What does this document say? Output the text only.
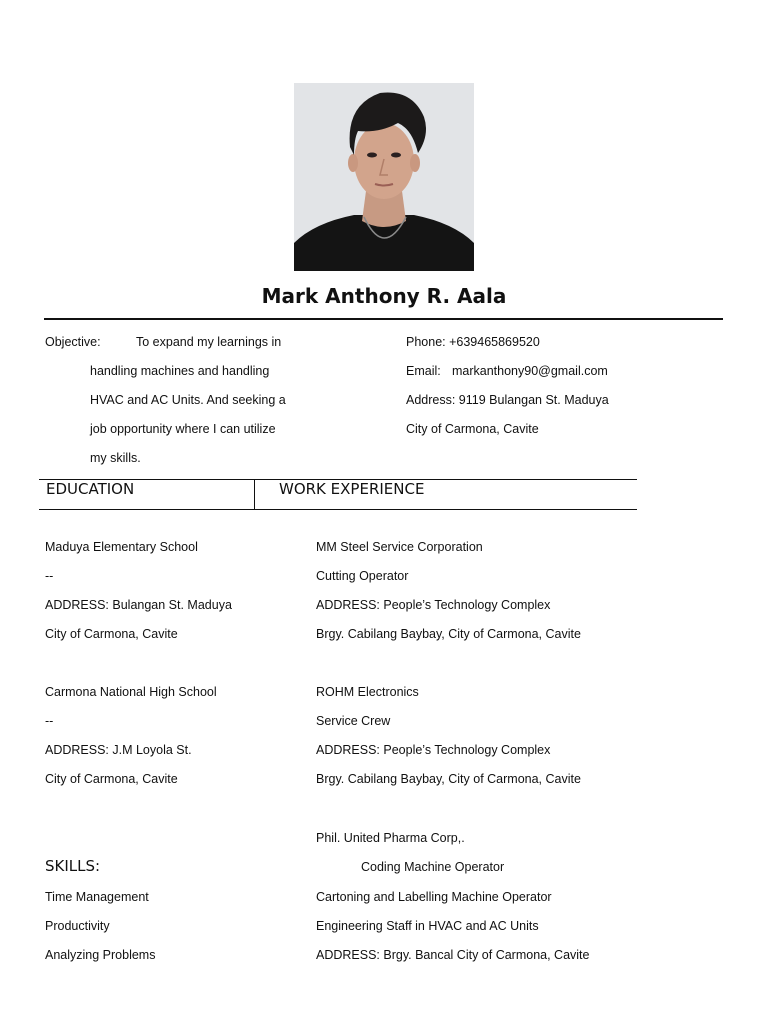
Mark Anthony R. Aala
Objective:	To expand my learnings in
handling machines and handling
HVAC and AC Units. And seeking a
job opportunity where I can utilize
my skills.
Phone: +639465869520
Email: markanthony90@gmail.com
Address: 9119 Bulangan St. Maduya
City of Carmona, Cavite
EDUCATION	WORK EXPERIENCE
Maduya Elementary School
--
ADDRESS: Bulangan St. Maduya
City of Carmona, Cavite
Carmona National High School
--
ADDRESS: J.M Loyola St.
City of Carmona, Cavite
MM Steel Service Corporation
Cutting Operator
ADDRESS: People’s Technology Complex
Brgy. Cabilang Baybay, City of Carmona, Cavite
ROHM Electronics
Service Crew
ADDRESS: People’s Technology Complex
Brgy. Cabilang Baybay, City of Carmona, Cavite
Phil. United Pharma Corp,.
Coding Machine Operator
Cartoning and Labelling Machine Operator
Engineering Staff in HVAC and AC Units
ADDRESS: Brgy. Bancal City of Carmona, Cavite
SKILLS:
Time Management
Productivity
Analyzing Problems
